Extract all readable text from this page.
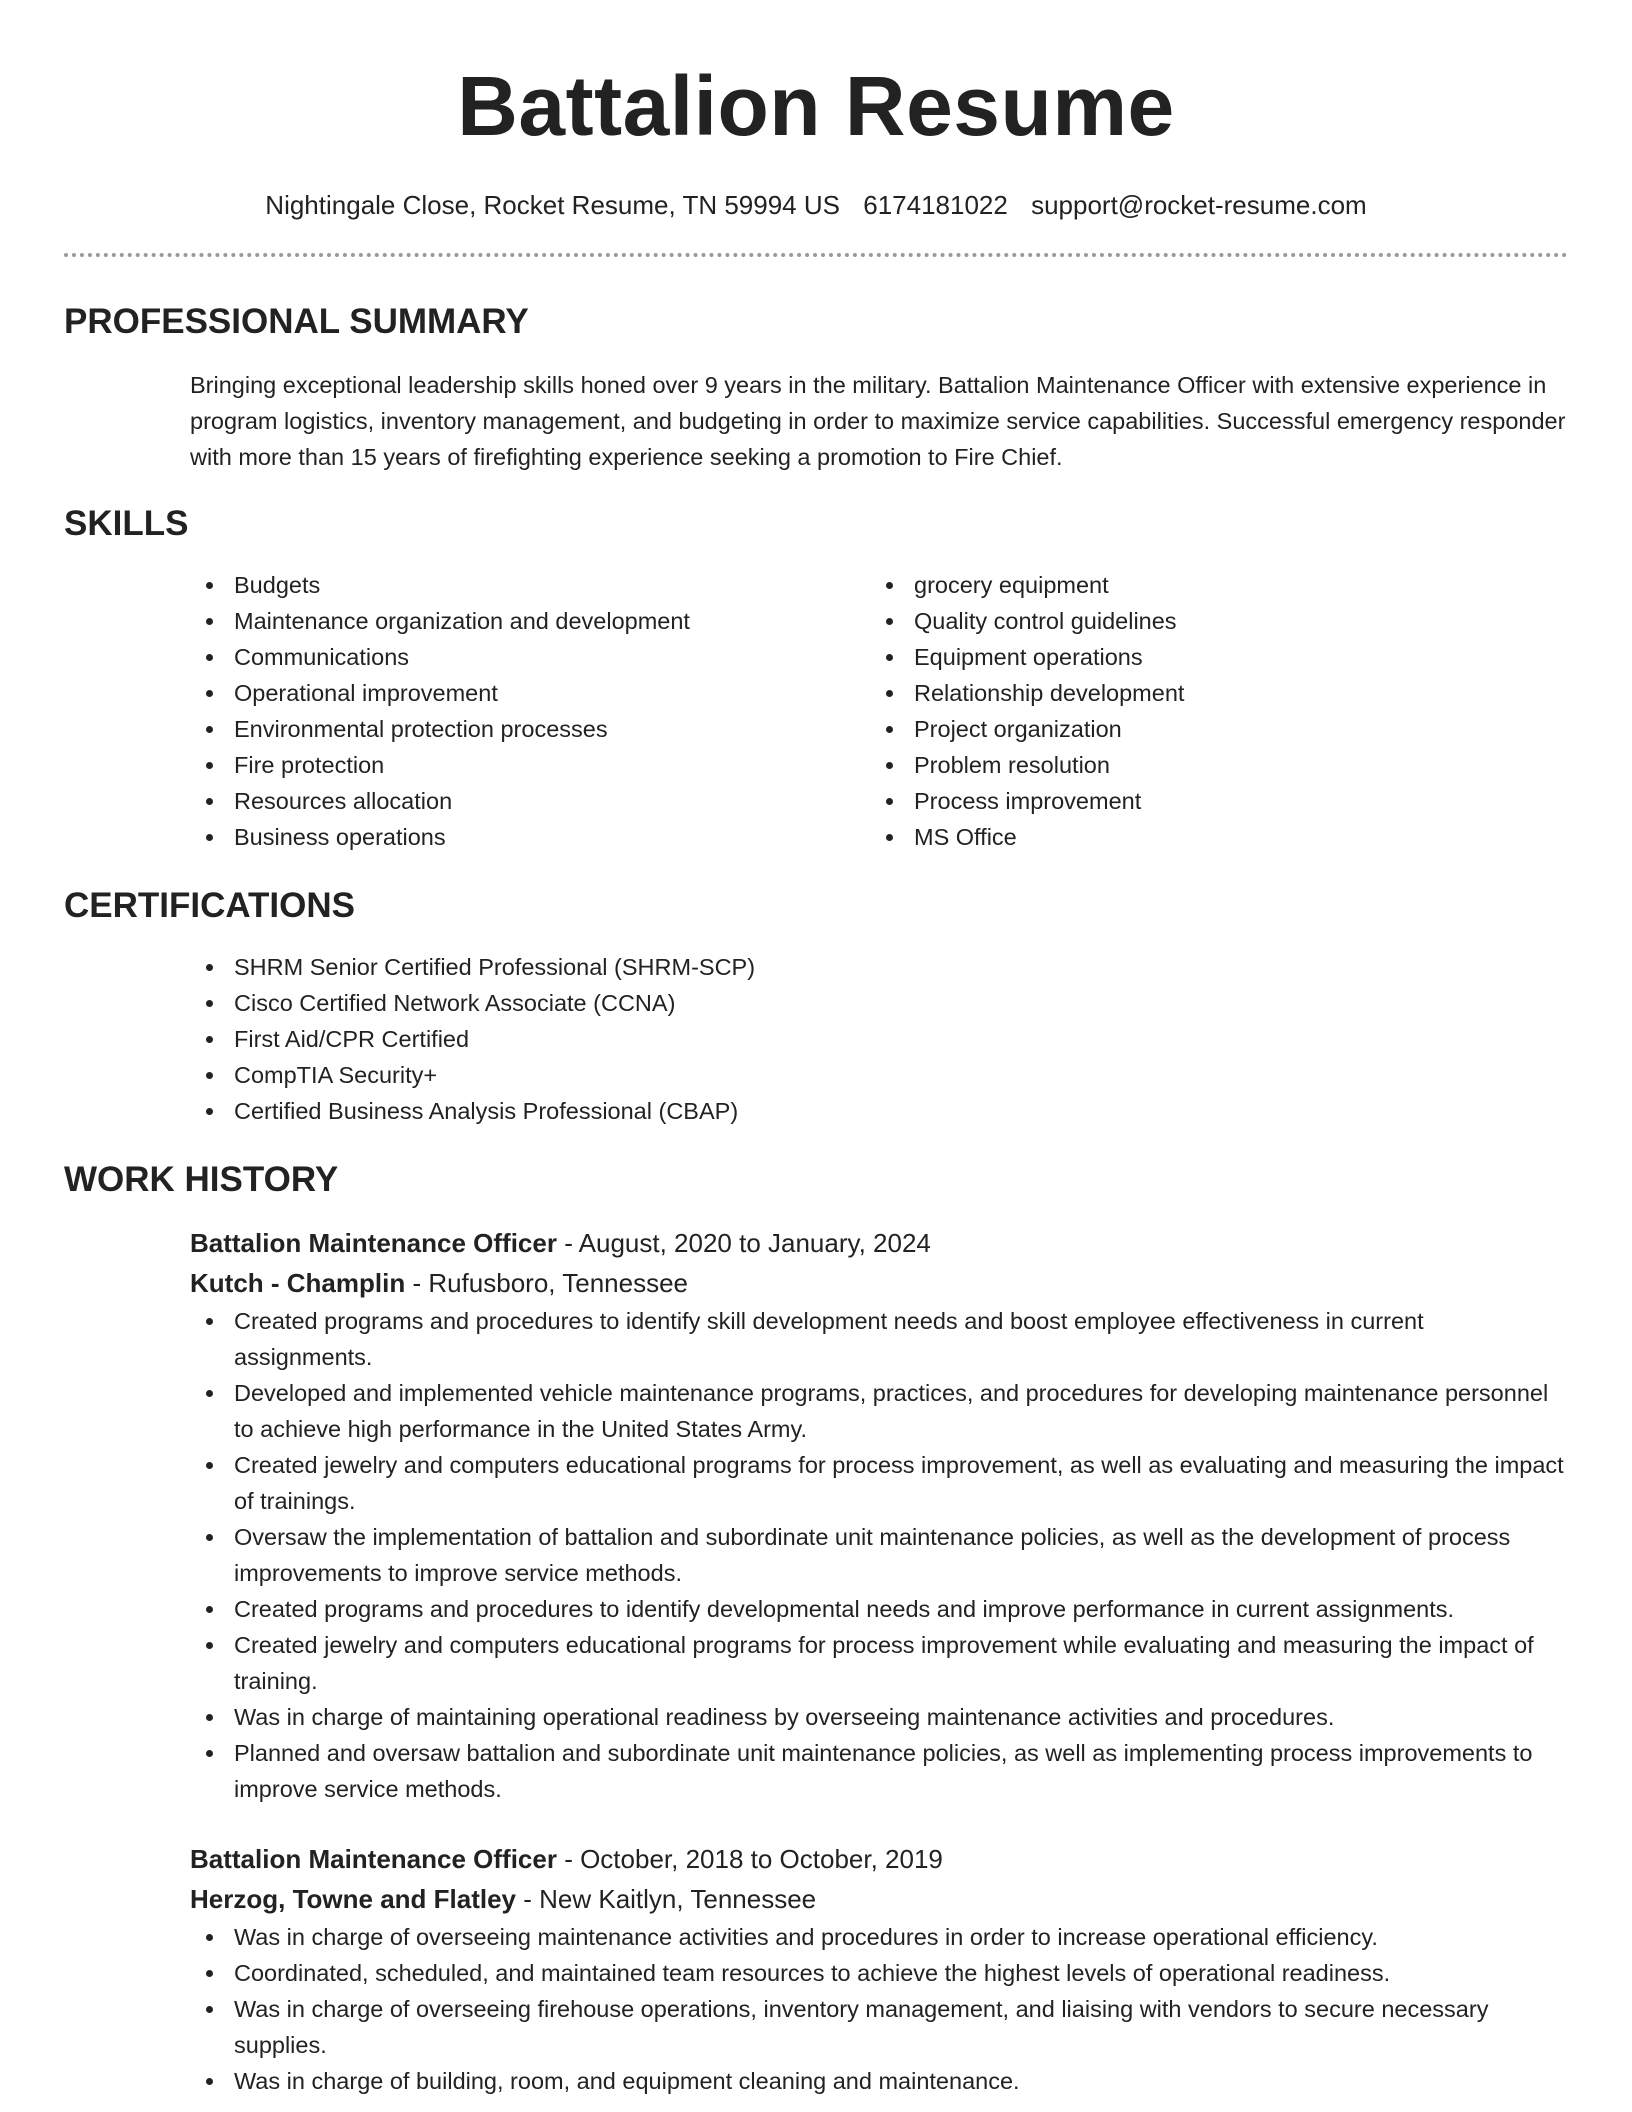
Battalion Resume
Nightingale Close, Rocket Resume, TN 59994 US 6174181022 support@rocket-resume.com
PROFESSIONAL SUMMARY

Bringing exceptional leadership skills honed over 9 years in the military. Battalion Maintenance Officer with extensive experience in program logistics, inventory management, and budgeting in order to maximize service capabilities. Successful emergency responder with more than 15 years of firefighting experience seeking a promotion to Fire Chief.

SKILLS
Budgets
Maintenance organization and development
Communications
Operational improvement
Environmental protection processes
Fire protection
Resources allocation
Business operations
grocery equipment
Quality control guidelines
Equipment operations
Relationship development
Project organization
Problem resolution
Process improvement
MS Office
CERTIFICATIONS
SHRM Senior Certified Professional (SHRM-SCP)
Cisco Certified Network Associate (CCNA)
First Aid/CPR Certified
CompTIA Security+
Certified Business Analysis Professional (CBAP)
WORK HISTORY
Battalion Maintenance Officer - August, 2020 to January, 2024
Kutch - Champlin - Rufusboro, Tennessee
Created programs and procedures to identify skill development needs and boost employee effectiveness in current assignments.
Developed and implemented vehicle maintenance programs, practices, and procedures for developing maintenance personnel to achieve high performance in the United States Army.
Created jewelry and computers educational programs for process improvement, as well as evaluating and measuring the impact of trainings.
Oversaw the implementation of battalion and subordinate unit maintenance policies, as well as the development of process improvements to improve service methods.
Created programs and procedures to identify developmental needs and improve performance in current assignments.
Created jewelry and computers educational programs for process improvement while evaluating and measuring the impact of training.
Was in charge of maintaining operational readiness by overseeing maintenance activities and procedures.
Planned and oversaw battalion and subordinate unit maintenance policies, as well as implementing process improvements to improve service methods.
Battalion Maintenance Officer - October, 2018 to October, 2019
Herzog, Towne and Flatley - New Kaitlyn, Tennessee
Was in charge of overseeing maintenance activities and procedures in order to increase operational efficiency.
Coordinated, scheduled, and maintained team resources to achieve the highest levels of operational readiness.
Was in charge of overseeing firehouse operations, inventory management, and liaising with vendors to secure necessary supplies.
Was in charge of building, room, and equipment cleaning and maintenance.
